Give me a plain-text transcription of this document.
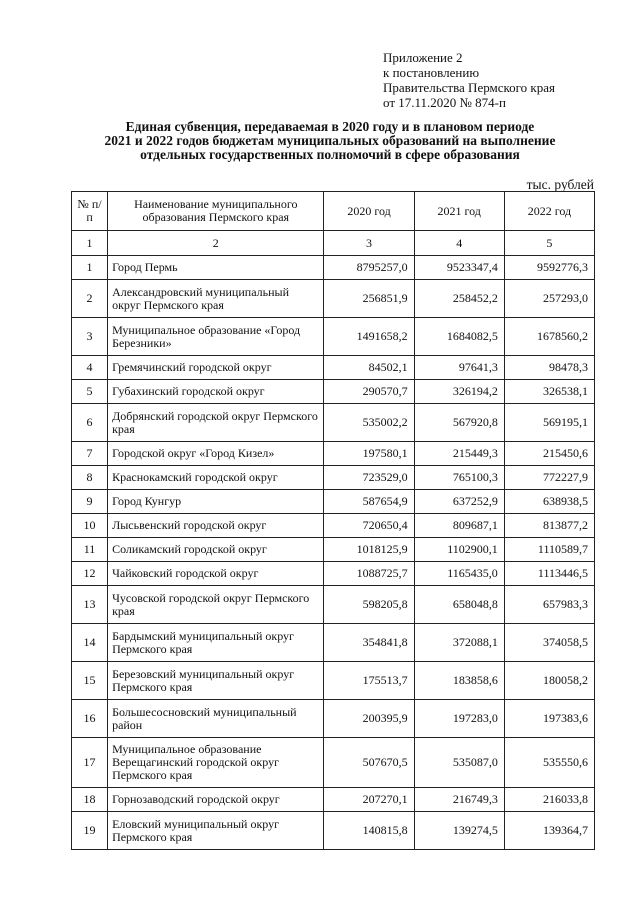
Приложение 2
к постановлению
Правительства Пермского края
от 17.11.2020 № 874-п
Единая субвенция, передаваемая в 2020 году и в плановом периоде
2021 и 2022 годов бюджетам муниципальных образований на выполнение
отдельных государственных полномочий в сфере образования
тыс. рублей
№ п/п	Наименование муниципального образования Пермского края	2020 год	2021 год	2022 год
1	2	3	4	5
1	Город Пермь	8795257,0	9523347,4	9592776,3
2	Александровский муниципальный округ Пермского края	256851,9	258452,2	257293,0
3	Муниципальное образование «Город Березники»	1491658,2	1684082,5	1678560,2
4	Гремячинский городской округ	84502,1	97641,3	98478,3
5	Губахинский городской округ	290570,7	326194,2	326538,1
6	Добрянский городской округ Пермского края	535002,2	567920,8	569195,1
7	Городской округ «Город Кизел»	197580,1	215449,3	215450,6
8	Краснокамский городской округ	723529,0	765100,3	772227,9
9	Город Кунгур	587654,9	637252,9	638938,5
10	Лысьвенский городской округ	720650,4	809687,1	813877,2
11	Соликамский городской округ	1018125,9	1102900,1	1110589,7
12	Чайковский городской округ	1088725,7	1165435,0	1113446,5
13	Чусовской городской округ Пермского края	598205,8	658048,8	657983,3
14	Бардымский муниципальный округ Пермского края	354841,8	372088,1	374058,5
15	Березовский муниципальный округ Пермского края	175513,7	183858,6	180058,2
16	Большесосновский муниципальный район	200395,9	197283,0	197383,6
17	Муниципальное образование Верещагинский городской округ Пермского края	507670,5	535087,0	535550,6
18	Горнозаводский городской округ	207270,1	216749,3	216033,8
19	Еловский муниципальный округ Пермского края	140815,8	139274,5	139364,7
